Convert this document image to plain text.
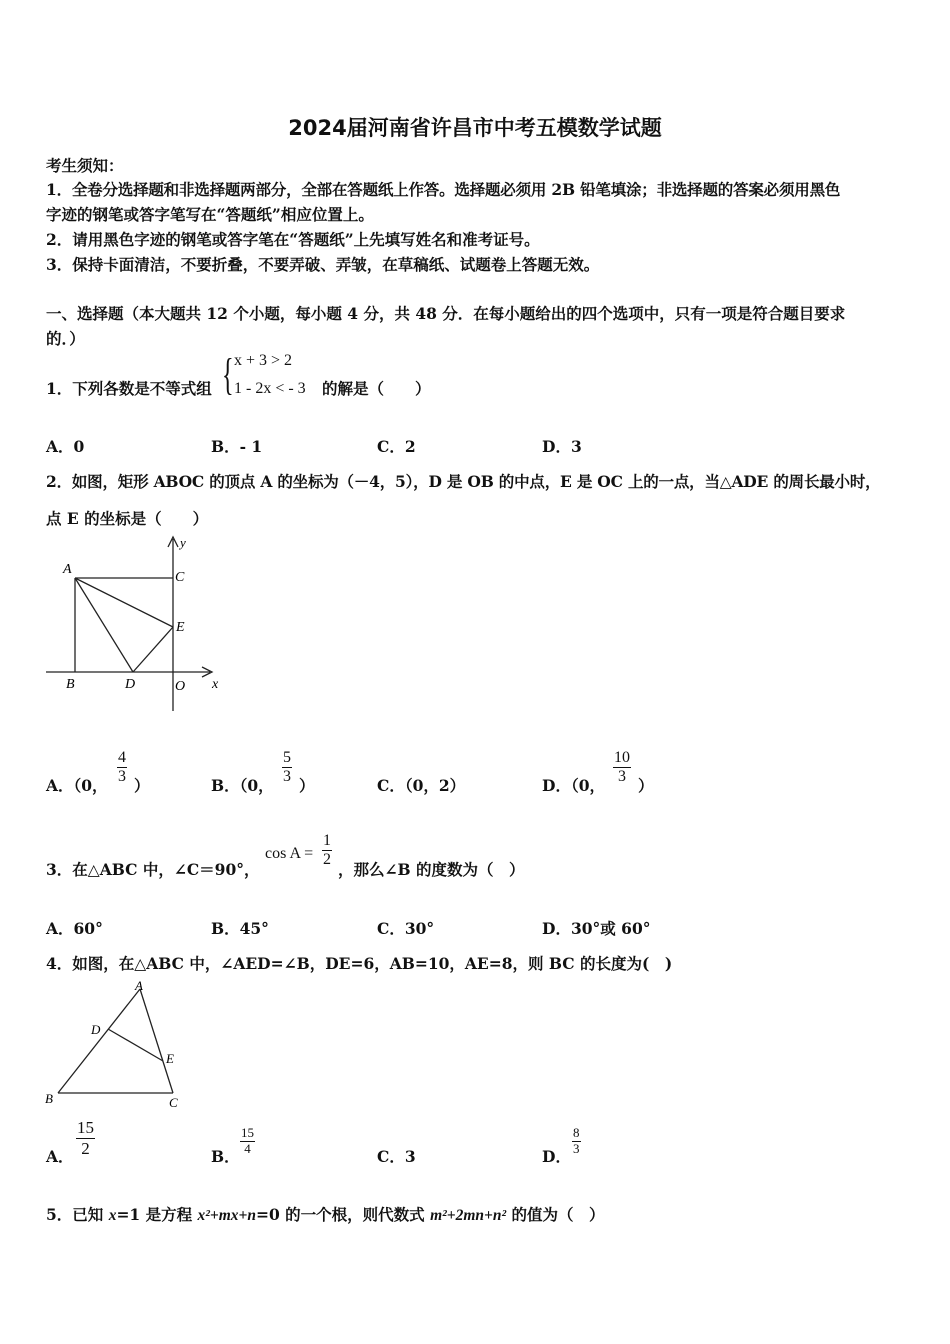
2024届河南省许昌市中考五模数学试题
考生须知：
1．全卷分选择题和非选择题两部分，全部在答题纸上作答。选择题必须用 2B 铅笔填涂；非选择题的答案必须用黑色
字迹的钢笔或答字笔写在“答题纸”相应位置上。
2．请用黑色字迹的钢笔或答字笔在“答题纸”上先填写姓名和准考证号。
3．保持卡面清洁，不要折叠，不要弄破、弄皱，在草稿纸、试题卷上答题无效。
一、选择题（本大题共 12 个小题，每小题 4 分，共 48 分．在每小题给出的四个选项中，只有一项是符合题目要求
的．）
1．下列各数是不等式组 { x + 3 > 2
1 - 2x < - 3 的解是（　　）
A．0	B．- 1	C．2	D．3
2．如图，矩形 ABOC 的顶点 A 的坐标为（－4，5），D 是 OB 的中点，E 是 OC 上的一点，当△ADE 的周长最小时，
点 E 的坐标是（　　）
A
C
E
B	D	O x
y
A．（0， $\frac{4}{3}$ ）	B．（0， $\frac{5}{3}$ ）	C．（0，2）	D．（0， $\frac{10}{3}$ ）
3．在△ABC 中，∠C＝90°，
$\cos A = \frac{1}{2}$ ，那么∠B 的度数为（　）
A．60°	B．45°	C．30°	D．30°或 60°
4．如图，在△ABC 中，∠AED=∠B，DE=6，AB=10，AE=8，则 BC 的长度为(　)
A
D
E
B	C
A． $\frac{15}{2}$	B． $\frac{15}{4}$	C．3	D． $\frac{8}{3}$
5．已知 x=1 是方程 x²+mx+n=0 的一个根，则代数式 m²+2mn+n² 的值为（　）
